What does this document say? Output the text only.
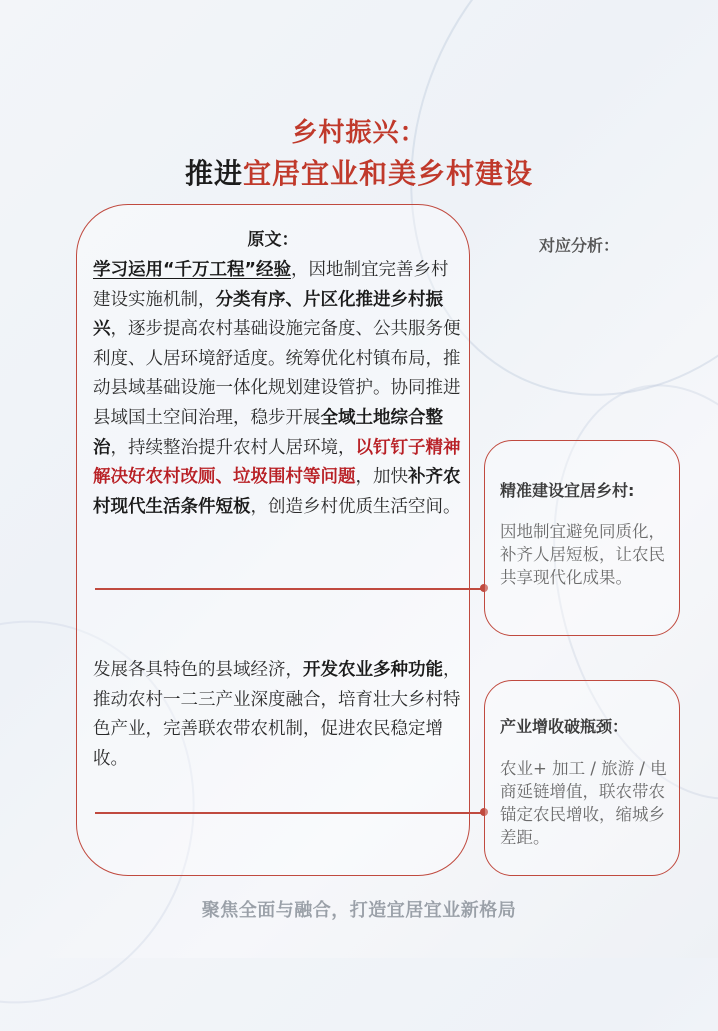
乡村振兴：
推进宜居宜业和美乡村建设
原文：

学习运用“千万工程”经验，因地制宜完善乡村建设实施机制，分类有序、片区化推进乡村振兴，逐步提高农村基础设施完备度、公共服务便利度、人居环境舒适度。统筹优化村镇布局，推动县域基础设施一体化规划建设管护。协同推进县域国土空间治理，稳步开展全域土地综合整治，持续整治提升农村人居环境，以钉钉子精神解决好农村改厕、垃圾围村等问题，加快补齐农村现代生活条件短板，创造乡村优质生活空间。

发展各具特色的县域经济，开发农业多种功能，推动农村一二三产业深度融合，培育壮大乡村特色产业，完善联农带农机制，促进农民稳定增收。

对应分析：
精准建设宜居乡村:

因地制宜避免同质化，补齐人居短板，让农民共享现代化成果。

产业增收破瓶颈：

农业+ 加工 / 旅游 / 电商延链增值，联农带农锚定农民增收，缩城乡差距。

聚焦全面与融合，打造宜居宜业新格局
